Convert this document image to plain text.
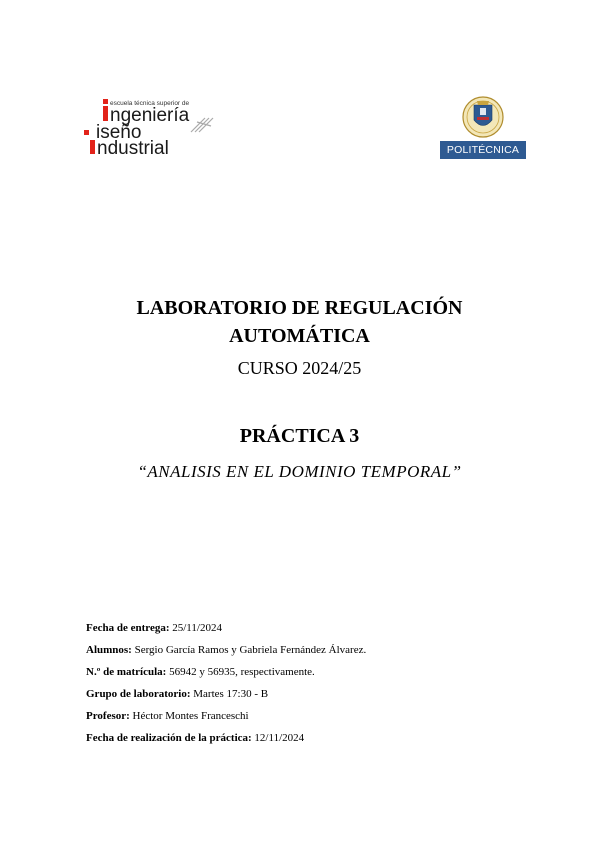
escuela técnica superior de
ngeniería
iseño
ndustrial	POLITÉCNICA
LABORATORIO DE REGULACIÓN
AUTOMÁTICA
CURSO 2024/25
PRÁCTICA 3
“ANALISIS EN EL DOMINIO TEMPORAL”
Fecha de entrega: 25/11/2024
Alumnos: Sergio García Ramos y Gabriela Fernández Álvarez.
N.º de matrícula: 56942 y 56935, respectivamente.
Grupo de laboratorio: Martes 17:30 - B
Profesor: Héctor Montes Franceschi
Fecha de realización de la práctica: 12/11/2024
